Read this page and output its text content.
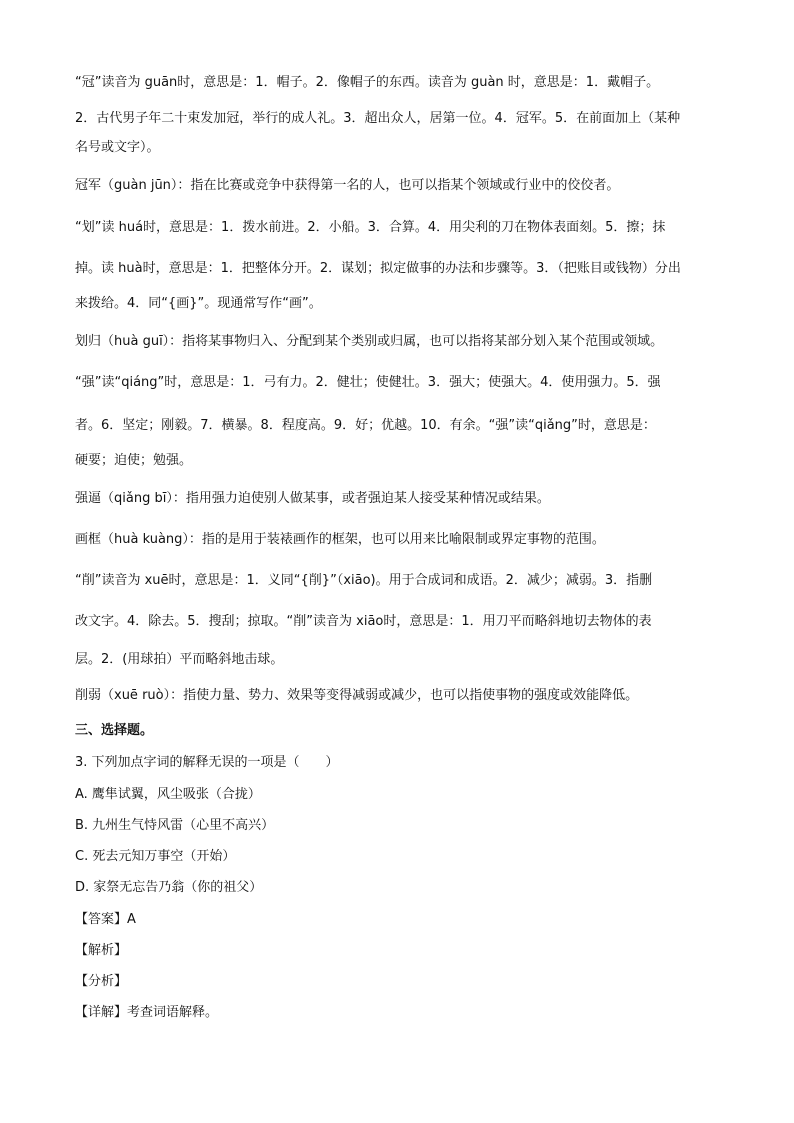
“冠”读音为 guān时，意思是：1．帽子。2．像帽子的东西。读音为 guàn 时，意思是：1．戴帽子。
2．古代男子年二十束发加冠，举行的成人礼。3．超出众人，居第一位。4．冠军。5．在前面加上（某种
名号或文字）。
冠军（guàn jūn）：指在比赛或竞争中获得第一名的人，也可以指某个领域或行业中的佼佼者。
“划”读 huá时，意思是：1．拨水前进。2．小船。3．合算。4．用尖利的刀在物体表面刻。5．擦；抹
掉。读 huà时，意思是：1．把整体分开。2．谋划；拟定做事的办法和步骤等。3．（把账目或钱物）分出
来拨给。4．同“{画}”。现通常写作“画”。
划归（huà guī）：指将某事物归入、分配到某个类别或归属，也可以指将某部分划入某个范围或领域。
“强”读“qiáng”时，意思是：1．弓有力。2．健壮；使健壮。3．强大；使强大。4．使用强力。5．强
者。6．坚定；刚毅。7．横暴。8．程度高。9．好；优越。10．有余。“强”读“qiǎng”时，意思是：
硬要；迫使；勉强。
强逼（qiǎng bī）：指用强力迫使别人做某事，或者强迫某人接受某种情况或结果。
画框（huà kuàng）：指的是用于装裱画作的框架，也可以用来比喻限制或界定事物的范围。
“削”读音为 xuē时，意思是：1．义同“{削}”（xiāo)。用于合成词和成语。2．减少；减弱。3．指删
改文字。4．除去。5．搜刮；掠取。“削”读音为 xiāo时，意思是：1．用刀平而略斜地切去物体的表
层。2．(用球拍）平而略斜地击球。
削弱（xuē ruò）：指使力量、势力、效果等变得减弱或减少，也可以指使事物的强度或效能降低。
三、选择题。
3. 下列加点字词的解释无误的一项是（　　）
A. 鹰隼试翼，风尘吸张（合拢）
B. 九州生气恃风雷（心里不高兴）
C. 死去元知万事空（开始）
D. 家祭无忘告乃翁（你的祖父）
【答案】A
【解析】
【分析】
【详解】考查词语解释。
